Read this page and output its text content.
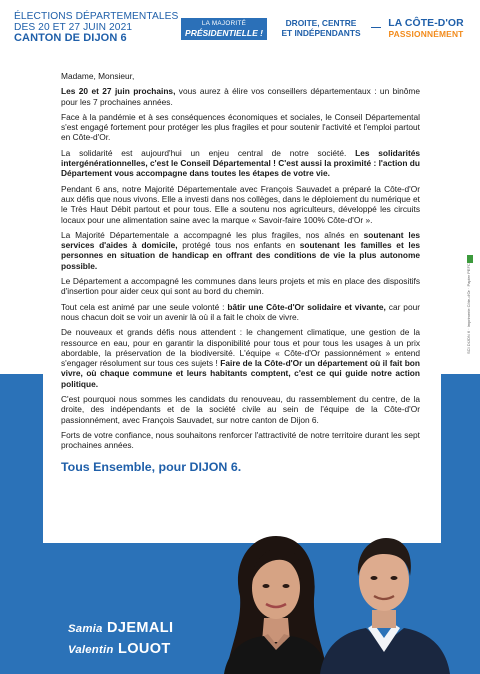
ÉLECTIONS DÉPARTEMENTALES
DES 20 ET 27 JUIN 2021
CANTON DE DIJON 6
LA MAJORITÉ
PRÉSIDENTIELLE !
DROITE, CENTRE
ET INDÉPENDANTS
LA CÔTE-D'OR
PASSIONNÉMENT

Madame, Monsieur,

Les 20 et 27 juin prochains, vous aurez à élire vos conseillers départementaux : un binôme pour les 7 prochaines années.

Face à la pandémie et à ses conséquences économiques et sociales, le Conseil Départemental s'est engagé fortement pour protéger les plus fragiles et pour soutenir l'activité et l'emploi partout en Côte-d'Or.

La solidarité est aujourd'hui un enjeu central de notre société. Les solidarités intergénérationnelles, c'est le Conseil Départemental ! C'est aussi la proximité : l'action du Département vous accompagne dans toutes les étapes de votre vie.

Pendant 6 ans, notre Majorité Départementale avec François Sauvadet a préparé la Côte-d'Or aux défis que nous vivons. Elle a investi dans nos collèges, dans le déploiement du numérique et le Très Haut Débit partout et pour tous. Elle a soutenu nos agriculteurs, développé les circuits locaux pour une alimentation saine avec la marque « Savoir-faire 100% Côte-d'Or ».

La Majorité Départementale a accompagné les plus fragiles, nos aînés en soutenant les services d'aides à domicile, protégé tous nos enfants en soutenant les familles et les personnes en situation de handicap en offrant des conditions de vie la plus autonome possible.

Le Département a accompagné les communes dans leurs projets et mis en place des dispositifs d'insertion pour aider ceux qui sont au bord du chemin.

Tout cela est animé par une seule volonté : bâtir une Côte-d'Or solidaire et vivante, car pour nous chacun doit se voir un avenir là où il a fait le choix de vivre.

De nouveaux et grands défis nous attendent : le changement climatique, une gestion de la ressource en eau, pour en garantir la disponibilité pour tous et pour tous les usages à un prix abordable, la préservation de la biodiversité. L'équipe « Côte-d'Or passionnément » entend s'engager résolument sur tous ces sujets ! Faire de la Côte-d'Or un département où il fait bon vivre, où chaque commune et leurs habitants comptent, c'est ce qui guide notre action politique.

C'est pourquoi nous sommes les candidats du renouveau, du rassemblement du centre, de la droite, des indépendants et de la société civile au sein de l'équipe de la Côte-d'Or passionnément, avec François Sauvadet, sur notre canton de Dijon 6.

Forts de votre confiance, nous souhaitons renforcer l'attractivité de notre territoire durant les sept prochaines années.

Tous Ensemble, pour DIJON 6.

Samia DJEMALI
Valentin LOUOT
SCI DIJON 6 · Imprimerie Côte-d'Or · Papier PEFC
